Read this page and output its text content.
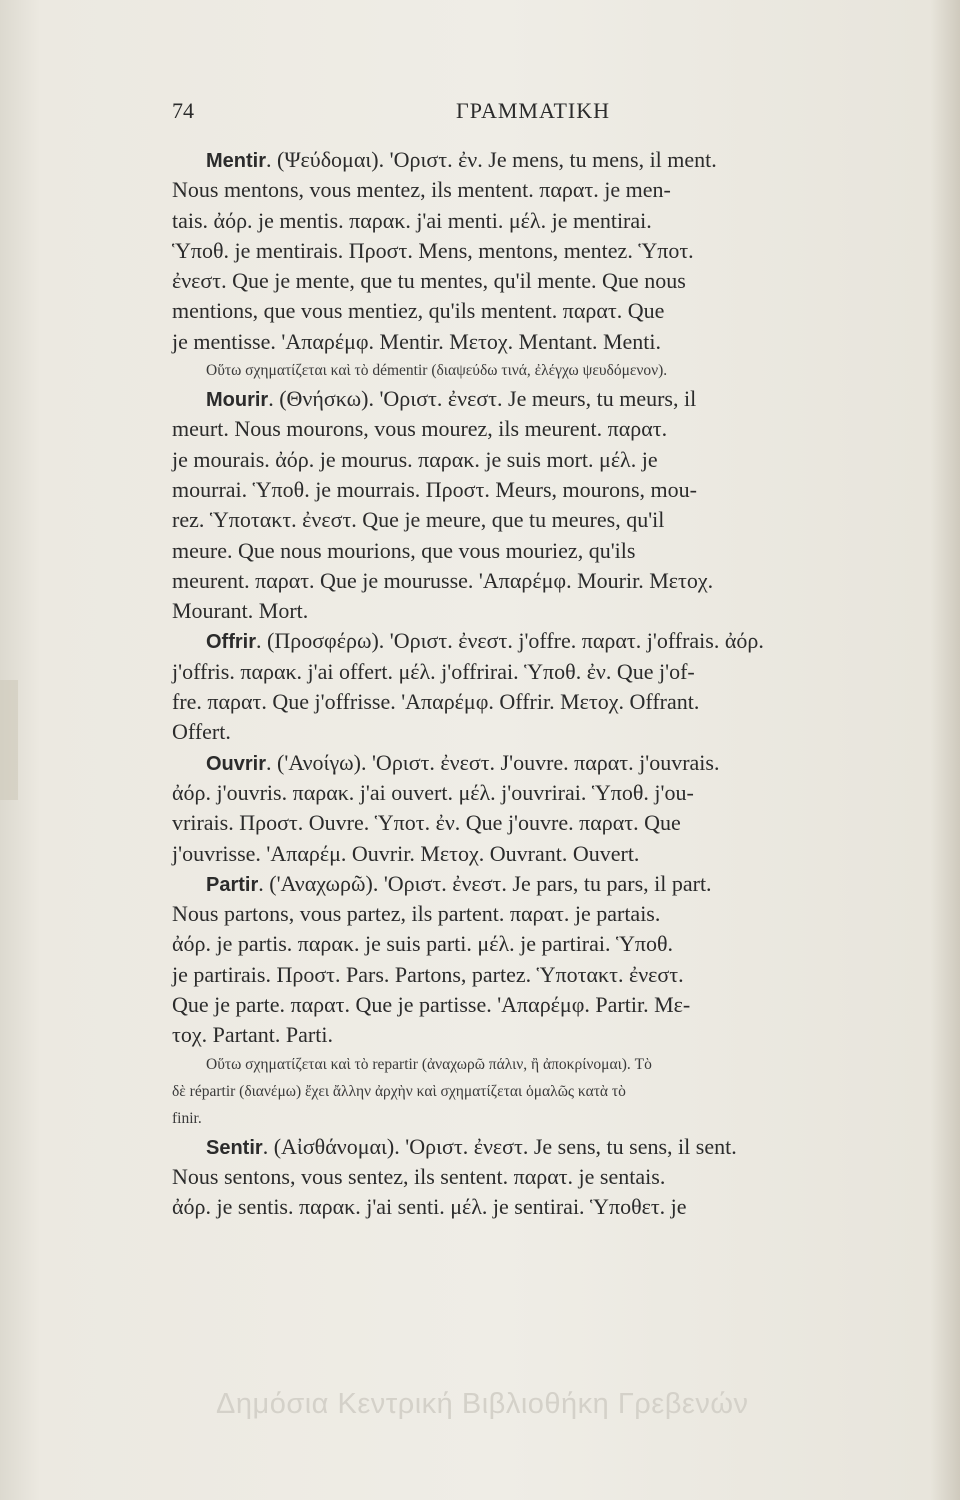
74	ΓΡΑΜΜΑΤΙΚΗ
Mentir. (Ψεύδομαι). 'Οριστ. ἐν. Je mens, tu mens, il ment.
Nous mentons, vous mentez, ils mentent. παρατ. je men-
tais. ἀόρ. je mentis. παρακ. j'ai menti. μέλ. je mentirai.
Ὑποθ. je mentirais. Προστ. Mens, mentons, mentez. Ὑποτ.
ἐνεστ. Que je mente, que tu mentes, qu'il mente. Que nous
mentions, que vous mentiez, qu'ils mentent. παρατ. Que
je mentisse. 'Απαρέμφ. Mentir. Μετοχ. Mentant. Menti.
Οὕτω σχηματίζεται καὶ τὸ démentir (διαψεύδω τινά, ἐλέγχω ψευδόμενον).
Mourir. (Θνήσκω). 'Οριστ. ἐνεστ. Je meurs, tu meurs, il
meurt. Nous mourons, vous mourez, ils meurent. παρατ.
je mourais. ἀόρ. je mourus. παρακ. je suis mort. μέλ. je
mourrai. Ὑποθ. je mourrais. Προστ. Meurs, mourons, mou-
rez. Ὑποτακτ. ἐνεστ. Que je meure, que tu meures, qu'il
meure. Que nous mourions, que vous mouriez, qu'ils
meurent. παρατ. Que je mourusse. 'Απαρέμφ. Mourir. Μετοχ.
Mourant. Mort.
Offrir. (Προσφέρω). 'Οριστ. ἐνεστ. j'offre. παρατ. j'offrais. ἀόρ.
j'offris. παρακ. j'ai offert. μέλ. j'offrirai. Ὑποθ. ἐν. Que j'of-
fre. παρατ. Que j'offrisse. 'Απαρέμφ. Offrir. Μετοχ. Offrant.
Offert.
Ouvrir. ('Ανοίγω). 'Οριστ. ἐνεστ. J'ouvre. παρατ. j'ouvrais.
ἀόρ. j'ouvris. παρακ. j'ai ouvert. μέλ. j'ouvrirai. Ὑποθ. j'ou-
vrirais. Προστ. Ouvre. Ὑποτ. ἐν. Que j'ouvre. παρατ. Que
j'ouvrisse. 'Απαρέμ. Ouvrir. Μετοχ. Ouvrant. Ouvert.
Partir. ('Αναχωρῶ). 'Οριστ. ἐνεστ. Je pars, tu pars, il part.
Nous partons, vous partez, ils partent. παρατ. je partais.
ἀόρ. je partis. παρακ. je suis parti. μέλ. je partirai. Ὑποθ.
je partirais. Προστ. Pars. Partons, partez. Ὑποτακτ. ἐνεστ.
Que je parte. παρατ. Que je partisse. 'Απαρέμφ. Partir. Με-
τοχ. Partant. Parti.
Οὕτω σχηματίζεται καὶ τὸ repartir (ἀναχωρῶ πάλιν, ἢ ἀποκρίνομαι). Τὸ
δὲ répartir (διανέμω) ἔχει ἄλλην ἀρχὴν καὶ σχηματίζεται ὁμαλῶς κατὰ τὸ
finir.
Sentir. (Αἰσθάνομαι). 'Οριστ. ἐνεστ. Je sens, tu sens, il sent.
Nous sentons, vous sentez, ils sentent. παρατ. je sentais.
ἀόρ. je sentis. παρακ. j'ai senti. μέλ. je sentirai. Ὑποθετ. je
Δημόσια Κεντρική Βιβλιοθήκη Γρεβενών
